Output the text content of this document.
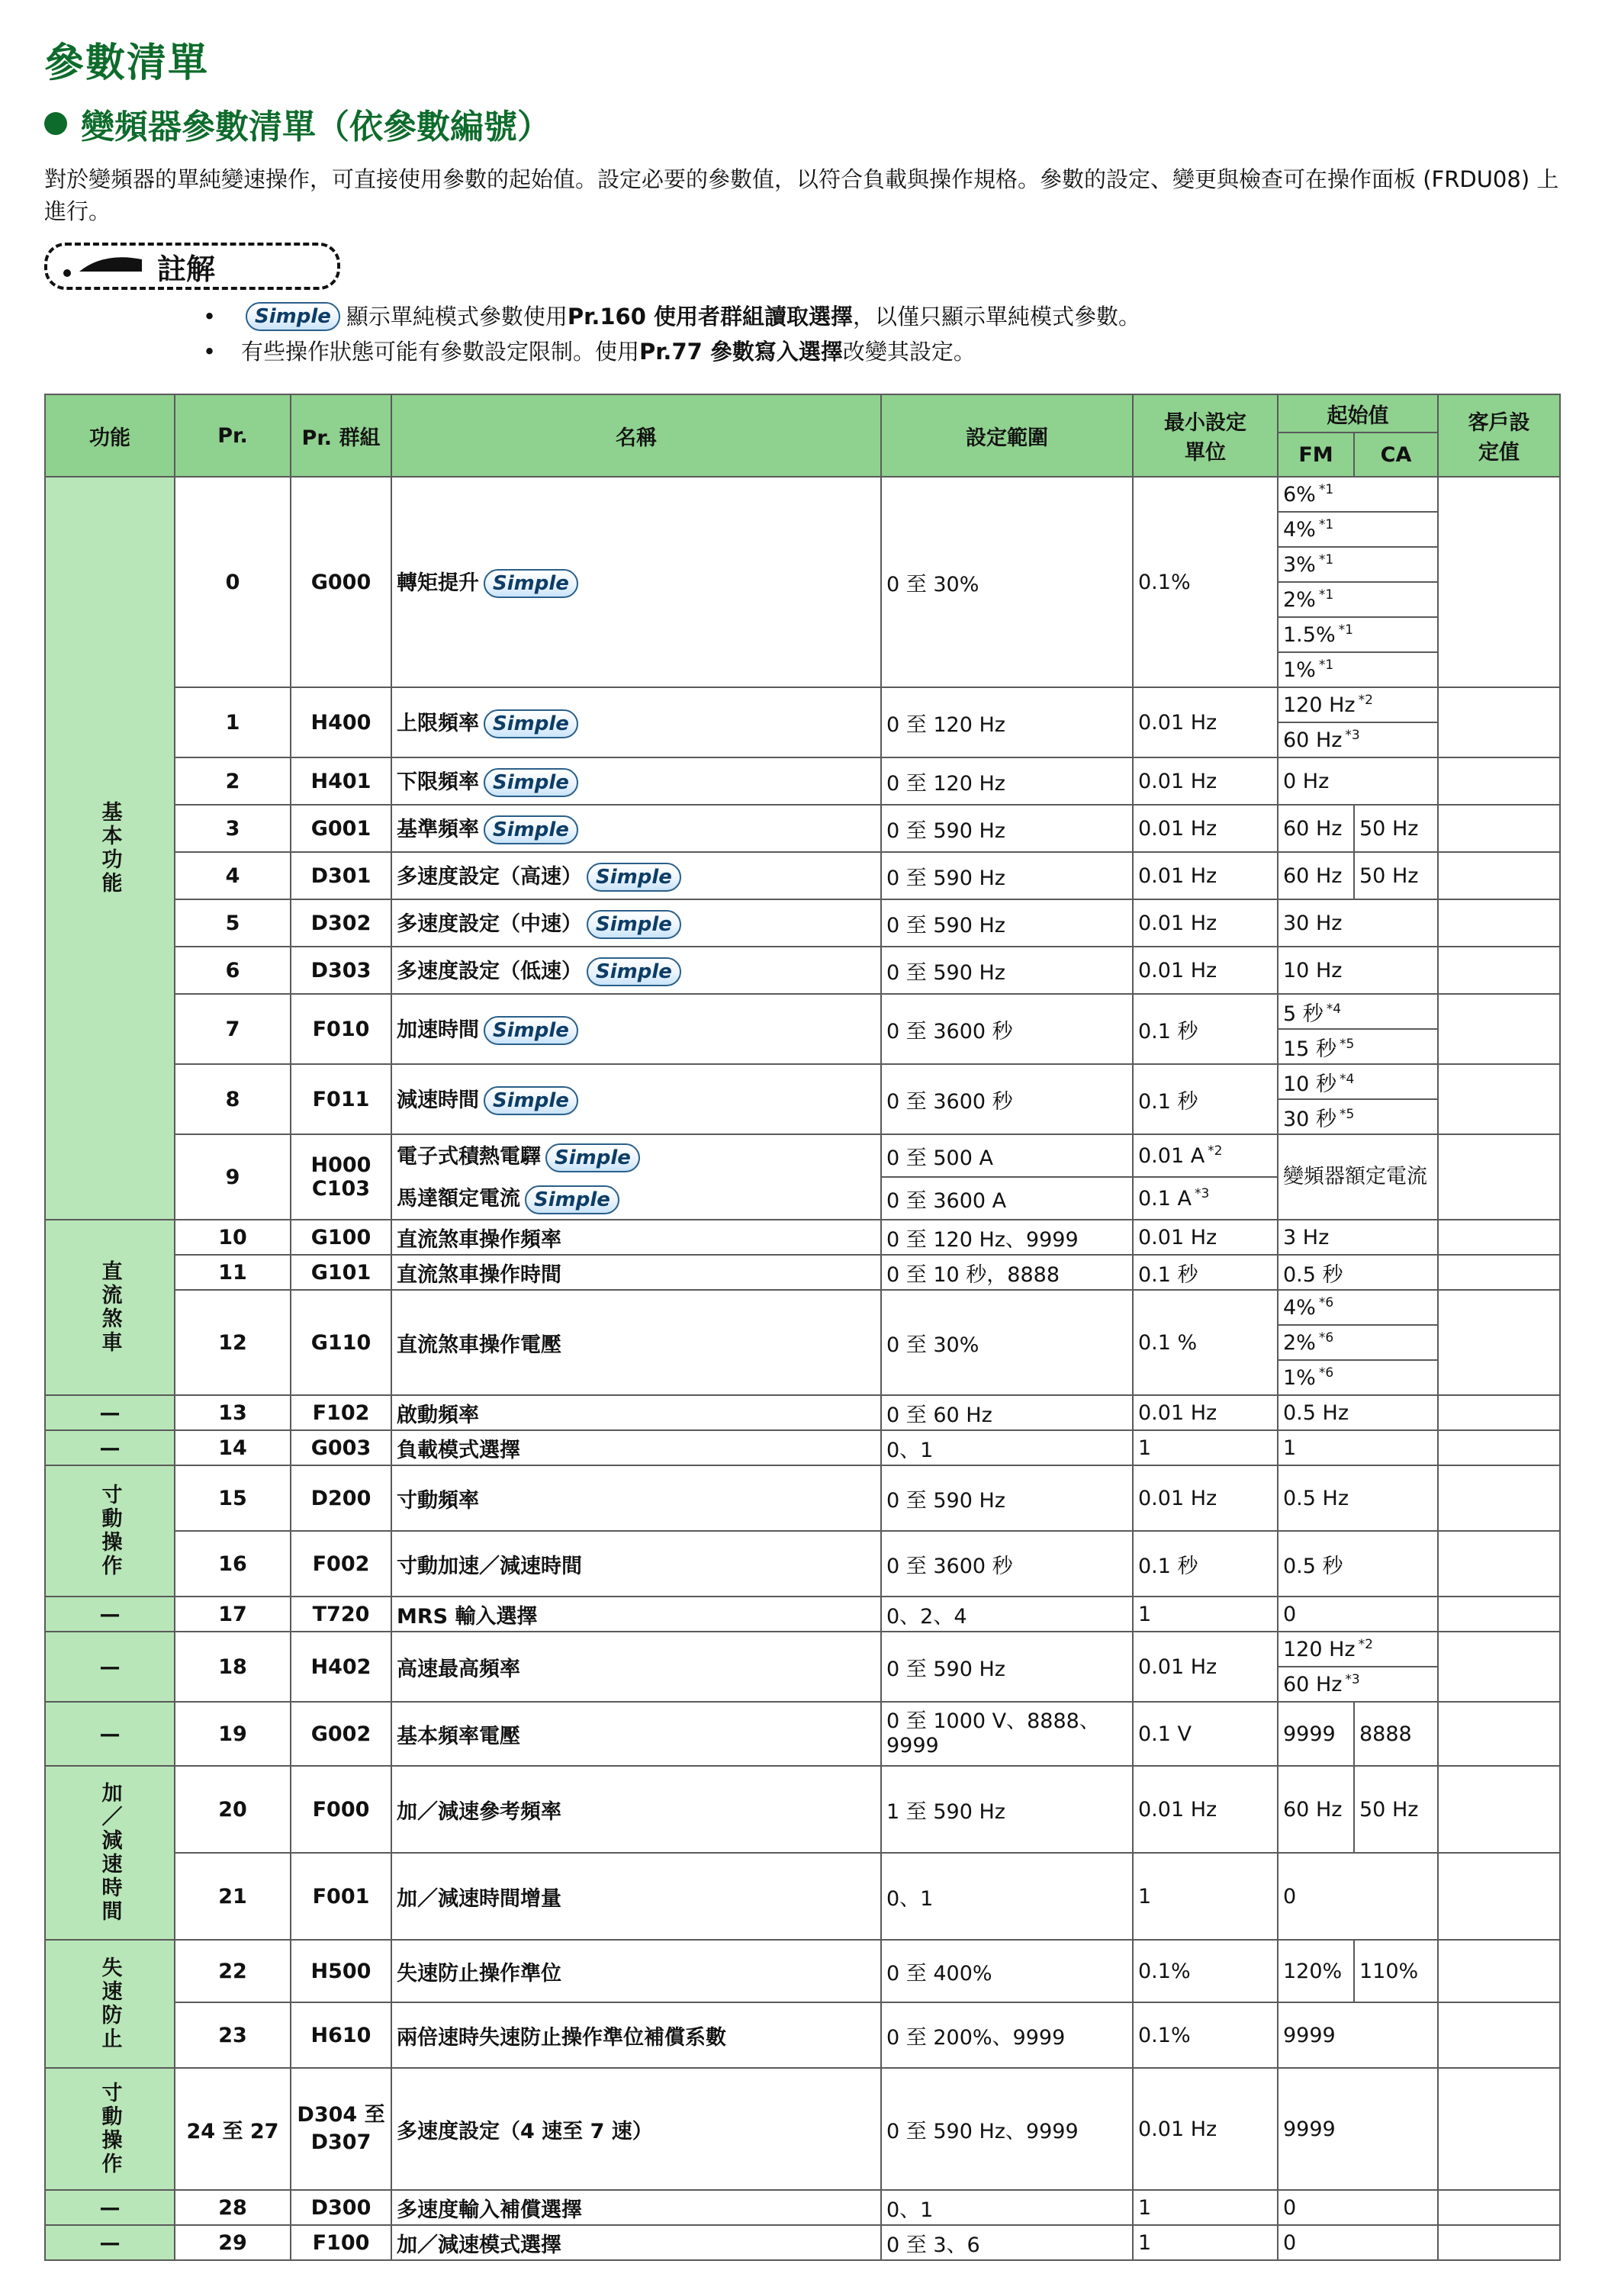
參數清單
變頻器參數清單（依參數編號）
對於變頻器的單純變速操作，可直接使用參數的起始值。設定必要的參數值，以符合負載與操作規格。參數的設定、變更與檢查可在操作面板 (FRDU08) 上進行。
註解
•	Simple 顯示單純模式參數使用 Pr.160 使用者群組讀取選擇 ，以僅只顯示單純模式參數。
•	有些操作狀態可能有參數設定限制。使用 Pr.77 參數寫入選擇 改變其設定。
功能	Pr.	Pr. 群組	名稱	設定範圍	最小設定單位	起始值		客戶設定值
						FM	CA	

基本功能	0	G000	轉矩提升 Simple	0 至 30%	0.1%	6% $^{*1}$	
						4% $^{*1}$
						3% $^{*1}$
						2% $^{*1}$
						1.5% $^{*1}$
						1% $^{*1}$
	1	H400	上限頻率 Simple	0 至 120 Hz	0.01 Hz	120 Hz $^{*2}$	
						60 Hz $^{*3}$
	2	H401	下限頻率 Simple	0 至 120 Hz	0.01 Hz	0 Hz		
	3	G001	基準頻率 Simple	0 至 590 Hz	0.01 Hz	60 Hz	50 Hz	
	4	D301	多速度設定（高速） Simple	0 至 590 Hz	0.01 Hz	60 Hz	50 Hz	
	5	D302	多速度設定（中速） Simple	0 至 590 Hz	0.01 Hz	30 Hz		
	6	D303	多速度設定（低速） Simple	0 至 590 Hz	0.01 Hz	10 Hz		
	7	F010	加速時間 Simple	0 至 3600 秒	0.1 秒	5 秒 $^{*4}$	
						15 秒 $^{*5}$
	8	F011	減速時間 Simple	0 至 3600 秒	0.1 秒	10 秒 $^{*4}$	
						30 秒 $^{*5}$
	9	H000
C103	電子式積熱電驛 Simple	0 至 500 A	0.01 A $^{*2}$	變頻器額定電流		
			馬達額定電流 Simple	0 至 3600 A	0.1 A $^{*3}$

直流煞車	10	G100	直流煞車操作頻率	0 至 120 Hz、9999	0.01 Hz	3 Hz		
	11	G101	直流煞車操作時間	0 至 10 秒，8888	0.1 秒	0.5 秒		
	12	G110	直流煞車操作電壓	0 至 30%	0.1 %	4% $^{*6}$	
						2% $^{*6}$
						1% $^{*6}$
—	13	F102	啟動頻率	0 至 60 Hz	0.01 Hz	0.5 Hz		
—	14	G003	負載模式選擇	0、1	1	1		

寸動操作	15	D200	寸動頻率	0 至 590 Hz	0.01 Hz	0.5 Hz		
	16	F002	寸動加速／減速時間	0 至 3600 秒	0.1 秒	0.5 秒		
—	17	T720	MRS 輸入選擇	0、2、4	1	0		
—	18	H402	高速最高頻率	0 至 590 Hz	0.01 Hz	120 Hz $^{*2}$	
						60 Hz $^{*3}$
—	19	G002	基本頻率電壓	0 至 1000 V、8888、9999	0.1 V	9999	8888	

加／減速時間	20	F000	加／減速參考頻率	1 至 590 Hz	0.01 Hz	60 Hz	50 Hz	
	21	F001	加／減速時間增量	0、1	1	0		

失速防止	22	H500	失速防止操作準位	0 至 400%	0.1%	120%	110%	
	23	H610	兩倍速時失速防止操作準位補償系數	0 至 200%、9999	0.1%	9999		

寸動操作	24 至 27	D304 至 D307	多速度設定（4 速至 7 速）	0 至 590 Hz、9999	0.01 Hz	9999		
—	28	D300	多速度輸入補償選擇	0、1	1	0		
—	29	F100	加／減速模式選擇	0 至 3、6	1	0		
